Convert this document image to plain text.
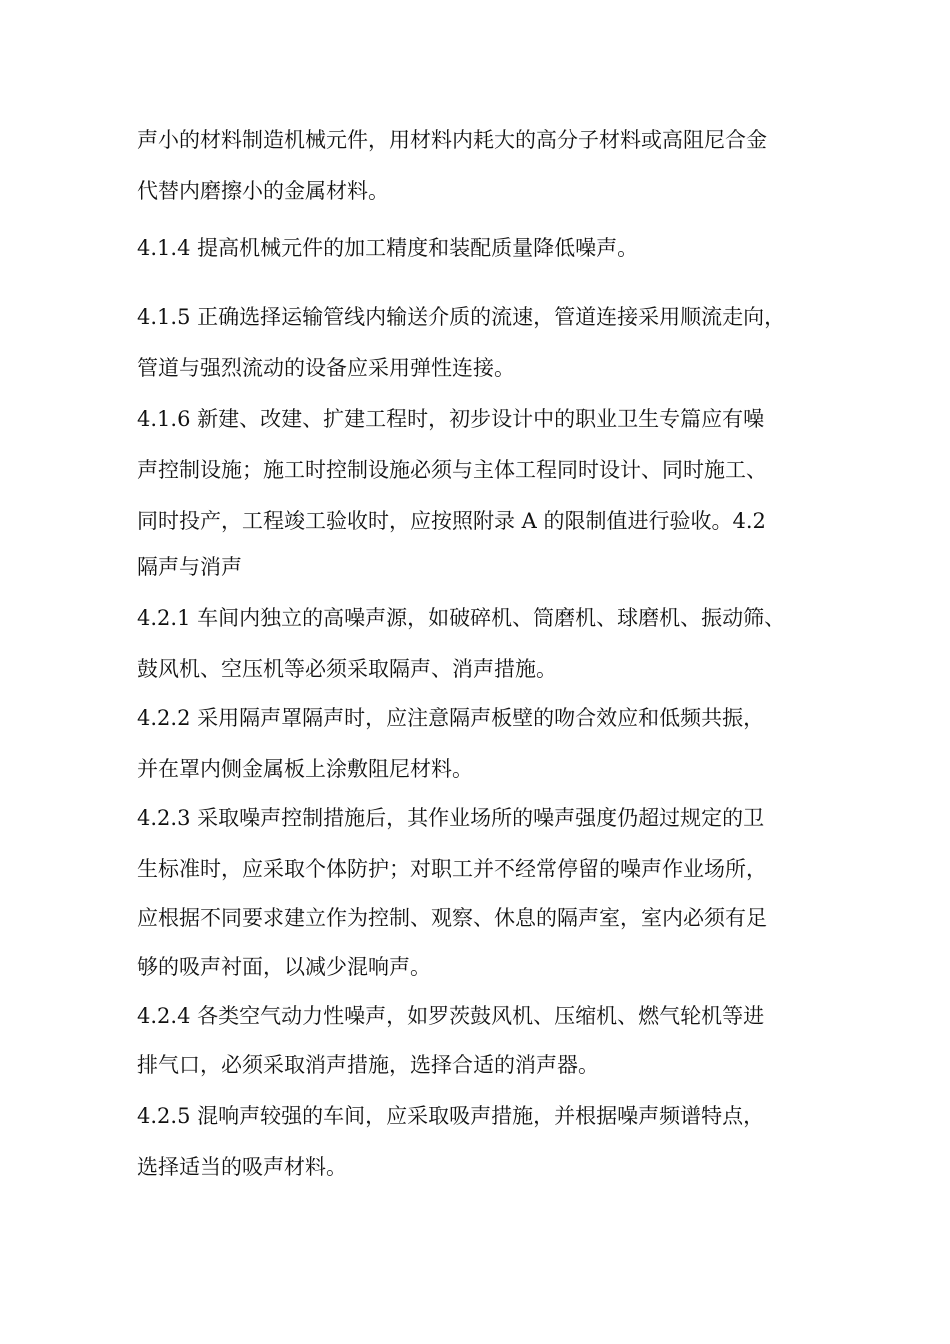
声小的材料制造机械元件，用材料内耗大的高分子材料或高阻尼合金
代替内磨擦小的金属材料。
4.1.4 提高机械元件的加工精度和装配质量降低噪声。
4.1.5 正确选择运输管线内输送介质的流速，管道连接采用顺流走向，
管道与强烈流动的设备应采用弹性连接。
4.1.6 新建、改建、扩建工程时，初步设计中的职业卫生专篇应有噪
声控制设施；施工时控制设施必须与主体工程同时设计、同时施工、
同时投产，工程竣工验收时，应按照附录 A 的限制值进行验收。4.2
隔声与消声
4.2.1 车间内独立的高噪声源，如破碎机、筒磨机、球磨机、振动筛、
鼓风机、空压机等必须采取隔声、消声措施。
4.2.2 采用隔声罩隔声时，应注意隔声板壁的吻合效应和低频共振，
并在罩内侧金属板上涂敷阻尼材料。
4.2.3 采取噪声控制措施后，其作业场所的噪声强度仍超过规定的卫
生标准时，应采取个体防护；对职工并不经常停留的噪声作业场所，
应根据不同要求建立作为控制、观察、休息的隔声室，室内必须有足
够的吸声衬面，以减少混响声。
4.2.4 各类空气动力性噪声，如罗茨鼓风机、压缩机、燃气轮机等进
排气口，必须采取消声措施，选择合适的消声器。
4.2.5 混响声较强的车间，应采取吸声措施，并根据噪声频谱特点，
选择适当的吸声材料。
